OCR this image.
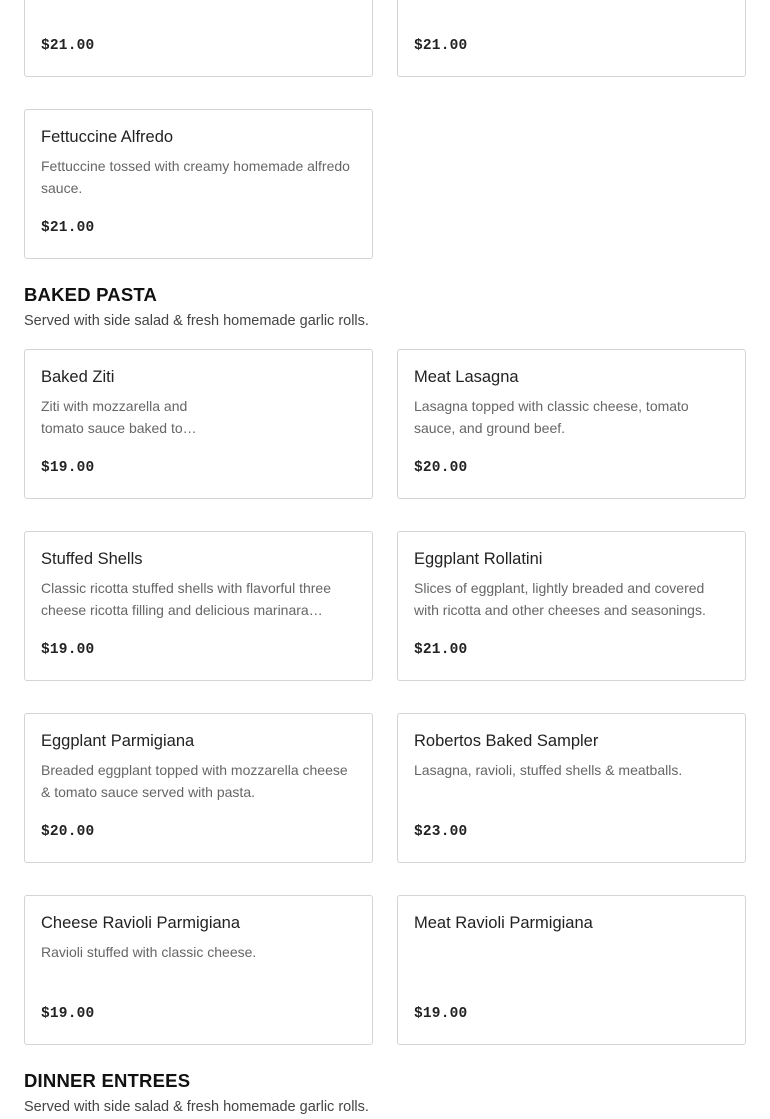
$21.00	$21.00
Fettuccine Alfredo
Fettuccine tossed with creamy homemade alfredo sauce.
$21.00
BAKED PASTA

Served with side salad & fresh homemade garlic rolls.

Baked Ziti
Ziti with mozzarella and tomato sauce baked to…
$19.00
Meat Lasagna
Lasagna topped with classic cheese, tomato sauce, and ground beef.
$20.00
Stuffed Shells
Classic ricotta stuffed shells with flavorful three cheese ricotta filling and delicious marinara…
$19.00
Eggplant Rollatini
Slices of eggplant, lightly breaded and covered with ricotta and other cheeses and seasonings.
$21.00
Eggplant Parmigiana
Breaded eggplant topped with mozzarella cheese & tomato sauce served with pasta.
$20.00
Robertos Baked Sampler
Lasagna, ravioli, stuffed shells & meatballs.
$23.00
Cheese Ravioli Parmigiana
Ravioli stuffed with classic cheese.
$19.00
Meat Ravioli Parmigiana
$19.00
DINNER ENTREES

Served with side salad & fresh homemade garlic rolls.
